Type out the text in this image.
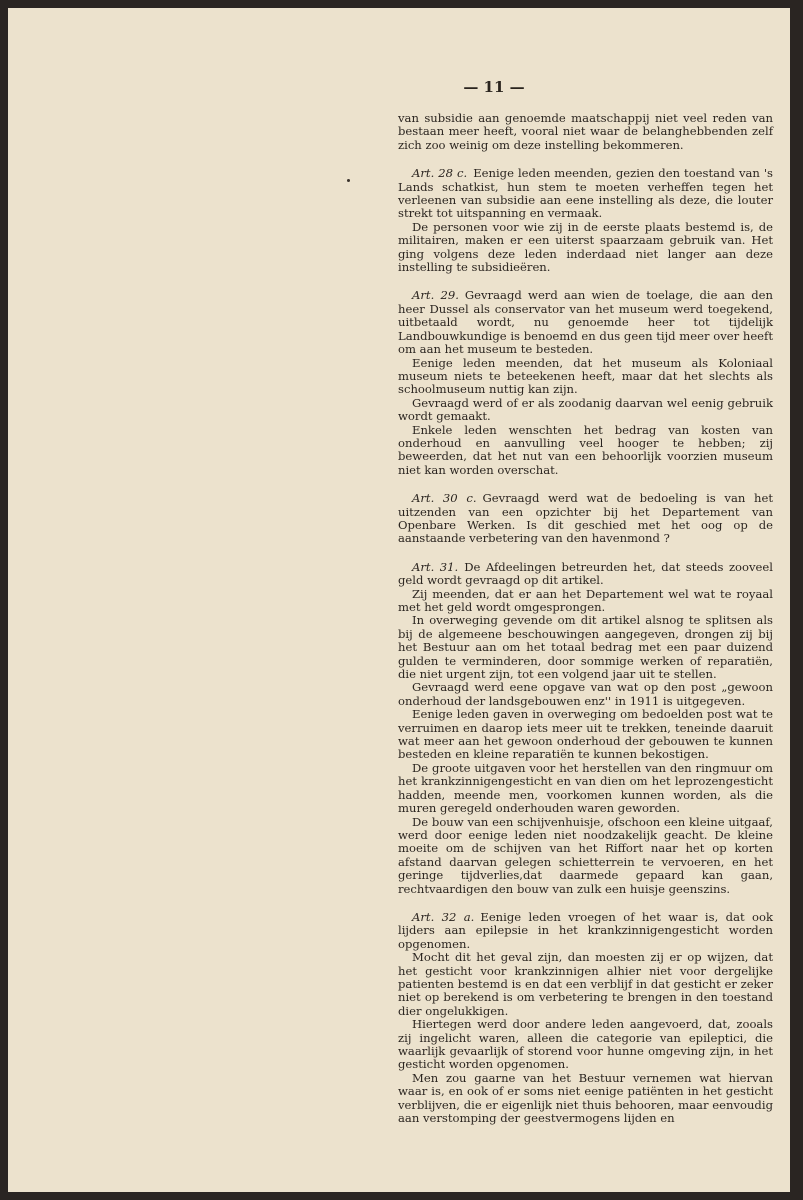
— 11 —

van subsidie aan genoemde maatschappij niet veel reden van bestaan meer heeft, vooral niet waar de belanghebbenden zelf zich zoo weinig om deze instelling bekommeren.

Art. 28 c. Eenige leden meenden, gezien den toestand van 's Lands schatkist, hun stem te moeten verheffen tegen het verleenen van subsidie aan eene instelling als deze, die louter strekt tot uitspanning en vermaak.

De personen voor wie zij in de eerste plaats bestemd is, de militairen, maken er een uiterst spaarzaam gebruik van. Het ging volgens deze leden inderdaad niet langer aan deze instelling te subsidieëren.

Art. 29. Gevraagd werd aan wien de toelage, die aan den heer Dussel als conservator van het museum werd toegekend, uitbetaald wordt, nu genoemde heer tot tijdelijk Landbouwkundige is benoemd en dus geen tijd meer over heeft om aan het museum te besteden.

Eenige leden meenden, dat het museum als Koloniaal museum niets te beteekenen heeft, maar dat het slechts als schoolmuseum nuttig kan zijn.

Gevraagd werd of er als zoodanig daarvan wel eenig gebruik wordt gemaakt.

Enkele leden wenschten het bedrag van kosten van onderhoud en aanvulling veel hooger te hebben; zij beweerden, dat het nut van een behoorlijk voorzien museum niet kan worden overschat.

Art. 30 c. Gevraagd werd wat de bedoeling is van het uitzenden van een opzichter bij het Departement van Openbare Werken. Is dit geschied met het oog op de aanstaande verbetering van den havenmond ?

Art. 31. De Afdeelingen betreurden het, dat steeds zooveel geld wordt gevraagd op dit artikel.

Zij meenden, dat er aan het Departement wel wat te royaal met het geld wordt omgesprongen.

In overweging gevende om dit artikel alsnog te splitsen als bij de algemeene beschouwingen aangegeven, drongen zij bij het Bestuur aan om het totaal bedrag met een paar duizend gulden te verminderen, door sommige werken of reparatiën, die niet urgent zijn, tot een volgend jaar uit te stellen.

Gevraagd werd eene opgave van wat op den post „gewoon onderhoud der landsgebouwen enz'' in 1911 is uitgegeven.

Eenige leden gaven in overweging om bedoelden post wat te verruimen en daarop iets meer uit te trekken, teneinde daaruit wat meer aan het gewoon onderhoud der gebouwen te kunnen besteden en kleine reparatiën te kunnen bekostigen.

De groote uitgaven voor het herstellen van den ringmuur om het krankzinnigengesticht en van dien om het leprozengesticht hadden, meende men, voorkomen kunnen worden, als die muren geregeld onderhouden waren geworden.

De bouw van een schijvenhuisje, ofschoon een kleine uitgaaf, werd door eenige leden niet noodzakelijk geacht. De kleine moeite om de schijven van het Riffort naar het op korten afstand daarvan gelegen schietterrein te vervoeren, en het geringe tijdverlies,dat daarmede gepaard kan gaan, rechtvaardigen den bouw van zulk een huisje geenszins.

Art. 32 a. Eenige leden vroegen of het waar is, dat ook lijders aan epilepsie in het krankzinnigengesticht worden opgenomen.

Mocht dit het geval zijn, dan moesten zij er op wijzen, dat het gesticht voor krankzinnigen alhier niet voor dergelijke patienten bestemd is en dat een verblijf in dat gesticht er zeker niet op berekend is om verbetering te brengen in den toestand dier ongelukkigen.

Hiertegen werd door andere leden aangevoerd, dat, zooals zij ingelicht waren, alleen die categorie van epileptici, die waarlijk gevaarlijk of storend voor hunne omgeving zijn, in het gesticht worden opgenomen.

Men zou gaarne van het Bestuur vernemen wat hiervan waar is, en ook of er soms niet eenige patiënten in het gesticht verblijven, die er eigenlijk niet thuis behooren, maar eenvoudig aan verstomping der geestvermogens lijden en
